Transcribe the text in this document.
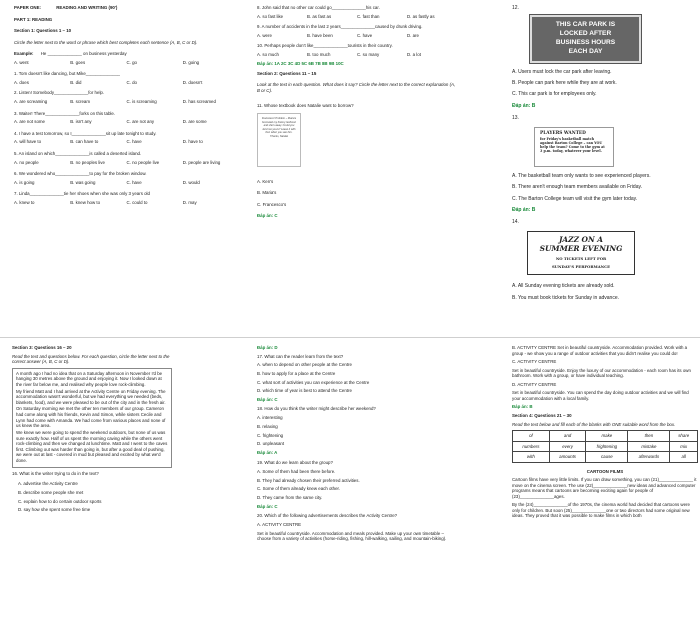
PAPER ONE:	READING AND WRITING (90')
PART 1: READING
Section 1: Questions 1 – 10
Circle the letter next to the word or phrase which best completes each sentence (A, B, C or D).
Example: He ______________ on business yesterday
A. went	B. goes	C. go	D. going
1. Tom doesn't like dancing, but Mike______________
A. does	B. did	C. do	D. doesn't
2. Listen! Somebody______________for help.
A. are screaming	B. scream	C. is screaming	D. has screamed
3. Waiter! There______________forks on this table.
A. are not some	B. isn't any	C. are not any	D. are some
4. I have a test tomorrow, so I______________sit up late tonight to study.
A. will have to	B. can have to	C. have	D. have to
5. An island on which______________is called a deserted island.
A. no people	B. no peoples live	C. no people live	D. people are living
6. We wondered who______________to pay for the broken window.
A. is going	B. was going	C. have	D. would
7. Linda______________tie her shoes when she was only 3 years old
A. knew to	B. knew how to	C. could to	D. may
8. John said that no other car could go______________his car.
A. so fast like	B. as fast as	C. fast than	D. as fastly as
9. A number of accidents in the last 2 years______________caused by drunk driving.
A. were	B. have been	C. have	D. are
10. Perhaps people don't like______________tourists in their country.
A. so much	B. too much	C. so many	D. a lot
Đáp án: 1A 2C 3C 4D 5C 6B 7B 8B 9B 10C
Section 2: Questions 11 – 15
Look at the text in each question. What does it say? Circle the letter next to the correct explanation (A, B or C).
11. Whose textbook does Natalie want to borrow?
Francesco! Problem – Maria's borrowed my history textbook and she's away. Could you lend me yours? Leave it with Ken when you see him. Thanks, Natalie
A. Ken's
B. Maria's
C. Francesco's
Đáp án: C
12.
THIS CAR PARK IS
LOCKED AFTER
BUSINESS HOURS
EACH DAY
A. Users must lock the car park after leaving.
B. People can park here while they are at work.
C. This car park is for employees only.
Đáp án: B
13.
PLAYERS WANTED
for Friday's basketball match against Barton College – can YOU help the team? Come to the gym at 3 p.m. today, whatever your level.
A. The basketball team only wants to see experienced players.
B. There aren't enough team members available on Friday.
C. The Barton College team will visit the gym later today.
Đáp án: B
14.
JAZZ ON A
SUMMER EVENING
NO TICKETS LEFT FOR
SUNDAY'S PERFORMANCE
A. All Sunday evening tickets are already sold.
B. You must book tickets for Sunday in advance.
Section 3: Questions 16 – 20
Read the text and questions below. For each question, circle the letter next to the correct answer (A, B, C or D).
A month ago I had no idea that on a Saturday afternoon in November I'd be hanging 30 metres above the ground and enjoying it. Now I looked down at the river far below me, and realised why people love rock-climbing.
My friend Matt and I had arrived at the Activity Centre on Friday evening. The accommodation wasn't wonderful, but we had everything we needed (beds, blankets, food), and we were pleased to be out of the city and in the fresh air.
On Saturday morning we met the other ten members of our group. Cameron had come along with his friends, Kevin and Simon, while sisters Cecile and Lynn had come with Amanda. We had come from various places and none of us knew the area.
We knew we were going to spend the weekend outdoors, but none of us was sure exactly how. Half of us spent the morning caving while the others went rock-climbing and then we changed at lunchtime. Matt and I went to the caves first. Climbing out was harder than going in, but after a good deal of pushing, we were out at last - covered in mud but pleased and excited by what we'd done.
16. What is the writer trying to do in the text?
A. advertise the Activity Centre
B. describe some people she met
C. explain how to do certain outdoor sports
D. say how she spent some free time
Đáp án: D
17. What can the reader learn from the text?
A. when to depend on other people at the Centre
B. how to apply for a place at the Centre
C. what sort of activities you can experience at the Centre
D. which time of year is best to attend the Centre
Đáp án: C
18. How do you think the writer might describe her weekend?
A. interesting
B. relaxing
C. frightening
D. unpleasant
Đáp án: A
19. What do we learn about the group?
A. Some of them had been there before.
B. They had already chosen their preferred activities.
C. Some of them already knew each other.
D. They came from the same city.
Đáp án: C
20. Which of the following advertisements describes the Activity Centre?
A. ACTIVITY CENTRE
Set in beautiful countryside. Accommodation and meals provided. Make up your own timetable – choose from a variety of activities (horse-riding, fishing, hill-walking, sailing, and mountain-biking).
B. ACTIVITY CENTRE Set in beautiful countryside. Accommodation provided. Work with a group - we show you a range of outdoor activities that you didn't realise you could do!
C. ACTIVITY CENTRE
Set in beautiful countryside. Enjoy the luxury of our accommodation - each room has its own bathroom. Work with a group, or have individual teaching.
D. ACTIVITY CENTRE
Set in beautiful countryside. You can spend the day doing outdoor activities and we will find your accommodation with a local family.
Đáp án: B
Section 4: Questions 21 – 30
Read the text below and fill each of the blanks with ONE suitable word from the box.
of	and	make	then	share
numbers	every	frightening	mistake	mix
with	amounts	cause	afterwards	all
CARTOON FILMS
Cartoon films have very little limits. If you can draw something, you can (21)______________ it move on the cinema screen. The use (22)______________new ideas and advanced computer programs means that cartoons are becoming exciting again for people of (23)______________ages.
By the (24)______________of the 1970s, the cinema world had decided that cartoons were only for children. But soon (25)______________one or two directors had some original new ideas. They proved that it was possible to make films in which both
